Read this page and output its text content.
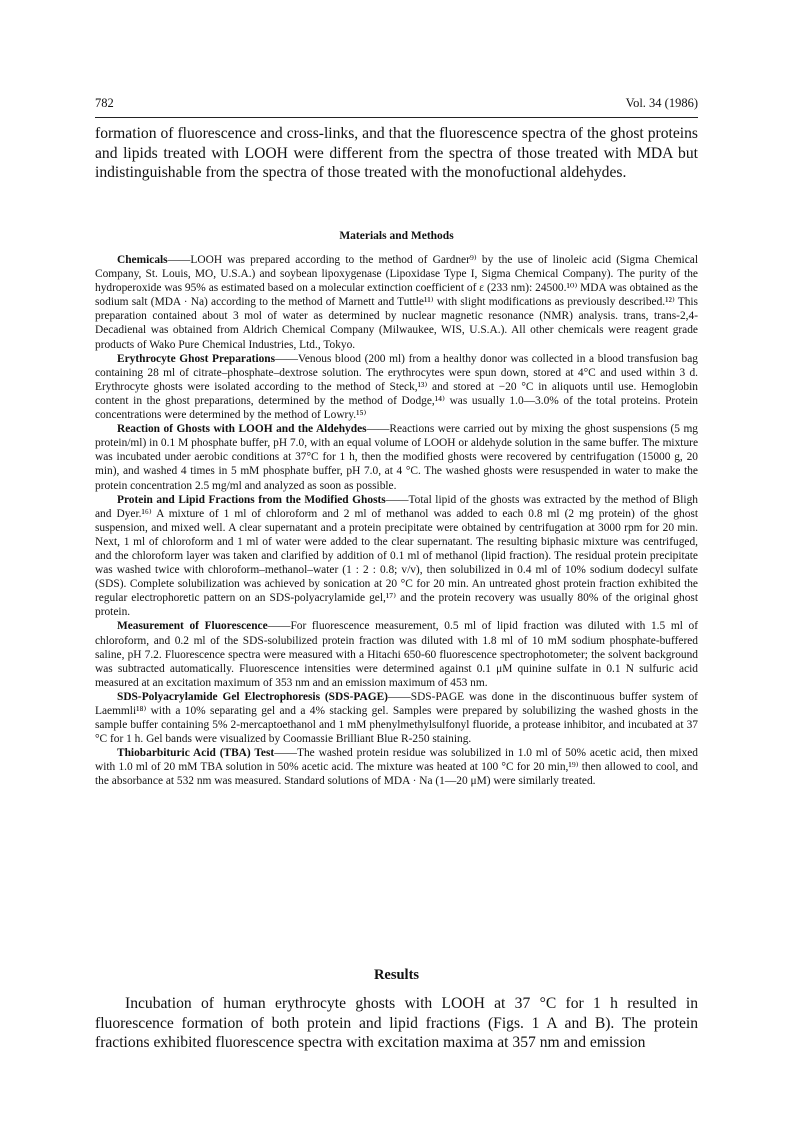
782	Vol. 34 (1986)
formation of fluorescence and cross-links, and that the fluorescence spectra of the ghost proteins and lipids treated with LOOH were different from the spectra of those treated with MDA but indistinguishable from the spectra of those treated with the monofuctional aldehydes.
Materials and Methods

Chemicals——LOOH was prepared according to the method of Gardner⁹⁾ by the use of linoleic acid (Sigma Chemical Company, St. Louis, MO, U.S.A.) and soybean lipoxygenase (Lipoxidase Type I, Sigma Chemical Company). The purity of the hydroperoxide was 95% as estimated based on a molecular extinction coefficient of ε (233 nm): 24500.¹⁰⁾ MDA was obtained as the sodium salt (MDA · Na) according to the method of Marnett and Tuttle¹¹⁾ with slight modifications as previously described.¹²⁾ This preparation contained about 3 mol of water as determined by nuclear magnetic resonance (NMR) analysis. trans, trans-2,4-Decadienal was obtained from Aldrich Chemical Company (Milwaukee, WIS, U.S.A.). All other chemicals were reagent grade products of Wako Pure Chemical Industries, Ltd., Tokyo.

Erythrocyte Ghost Preparations——Venous blood (200 ml) from a healthy donor was collected in a blood transfusion bag containing 28 ml of citrate–phosphate–dextrose solution. The erythrocytes were spun down, stored at 4°C and used within 3 d. Erythrocyte ghosts were isolated according to the method of Steck,¹³⁾ and stored at −20 °C in aliquots until use. Hemoglobin content in the ghost preparations, determined by the method of Dodge,¹⁴⁾ was usually 1.0—3.0% of the total proteins. Protein concentrations were determined by the method of Lowry.¹⁵⁾

Reaction of Ghosts with LOOH and the Aldehydes——Reactions were carried out by mixing the ghost suspensions (5 mg protein/ml) in 0.1 M phosphate buffer, pH 7.0, with an equal volume of LOOH or aldehyde solution in the same buffer. The mixture was incubated under aerobic conditions at 37°C for 1 h, then the modified ghosts were recovered by centrifugation (15000 g, 20 min), and washed 4 times in 5 mM phosphate buffer, pH 7.0, at 4 °C. The washed ghosts were resuspended in water to make the protein concentration 2.5 mg/ml and analyzed as soon as possible.

Protein and Lipid Fractions from the Modified Ghosts——Total lipid of the ghosts was extracted by the method of Bligh and Dyer.¹⁶⁾ A mixture of 1 ml of chloroform and 2 ml of methanol was added to each 0.8 ml (2 mg protein) of the ghost suspension, and mixed well. A clear supernatant and a protein precipitate were obtained by centrifugation at 3000 rpm for 20 min. Next, 1 ml of chloroform and 1 ml of water were added to the clear supernatant. The resulting biphasic mixture was centrifuged, and the chloroform layer was taken and clarified by addition of 0.1 ml of methanol (lipid fraction). The residual protein precipitate was washed twice with chloroform–methanol–water (1 : 2 : 0.8; v/v), then solubilized in 0.4 ml of 10% sodium dodecyl sulfate (SDS). Complete solubilization was achieved by sonication at 20 °C for 20 min. An untreated ghost protein fraction exhibited the regular electrophoretic pattern on an SDS-polyacrylamide gel,¹⁷⁾ and the protein recovery was usually 80% of the original ghost protein.

Measurement of Fluorescence——For fluorescence measurement, 0.5 ml of lipid fraction was diluted with 1.5 ml of chloroform, and 0.2 ml of the SDS-solubilized protein fraction was diluted with 1.8 ml of 10 mM sodium phosphate-buffered saline, pH 7.2. Fluorescence spectra were measured with a Hitachi 650-60 fluorescence spectrophotometer; the solvent background was subtracted automatically. Fluorescence intensities were determined against 0.1 μM quinine sulfate in 0.1 N sulfuric acid measured at an excitation maximum of 353 nm and an emission maximum of 453 nm.

SDS-Polyacrylamide Gel Electrophoresis (SDS-PAGE)——SDS-PAGE was done in the discontinuous buffer system of Laemmli¹⁸⁾ with a 10% separating gel and a 4% stacking gel. Samples were prepared by solubilizing the washed ghosts in the sample buffer containing 5% 2-mercaptoethanol and 1 mM phenylmethylsulfonyl fluoride, a protease inhibitor, and incubated at 37 °C for 1 h. Gel bands were visualized by Coomassie Brilliant Blue R-250 staining.

Thiobarbituric Acid (TBA) Test——The washed protein residue was solubilized in 1.0 ml of 50% acetic acid, then mixed with 1.0 ml of 20 mM TBA solution in 50% acetic acid. The mixture was heated at 100 °C for 20 min,¹⁹⁾ then allowed to cool, and the absorbance at 532 nm was measured. Standard solutions of MDA · Na (1—20 μM) were similarly treated.

Results

Incubation of human erythrocyte ghosts with LOOH at 37 °C for 1 h resulted in fluorescence formation of both protein and lipid fractions (Figs. 1 A and B). The protein fractions exhibited fluorescence spectra with excitation maxima at 357 nm and emission
